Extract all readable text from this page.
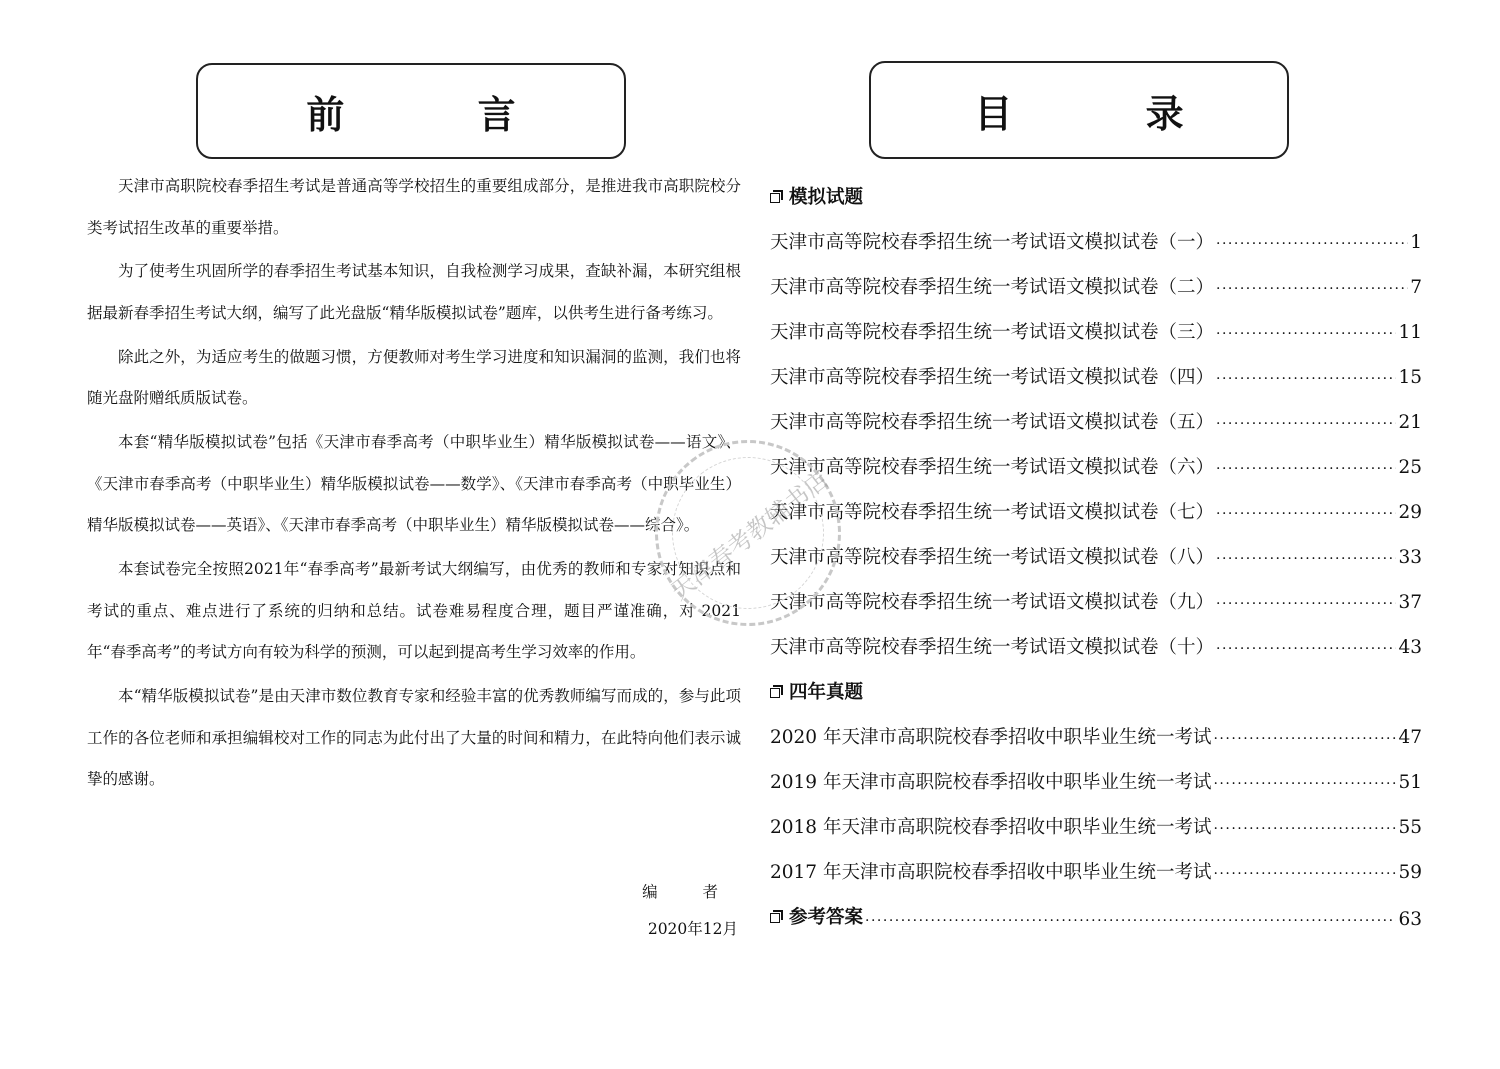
前 言	目 录

天津市高职院校春季招生考试是普通高等学校招生的重要组成部分，是推进我市高职院校分类考试招生改革的重要举措。

为了使考生巩固所学的春季招生考试基本知识，自我检测学习成果，查缺补漏，本研究组根据最新春季招生考试大纲，编写了此光盘版“精华版模拟试卷”题库，以供考生进行备考练习。

除此之外，为适应考生的做题习惯，方便教师对考生学习进度和知识漏洞的监测，我们也将随光盘附赠纸质版试卷。

本套“精华版模拟试卷”包括《天津市春季高考（中职毕业生）精华版模拟试卷——语文》、《天津市春季高考（中职毕业生）精华版模拟试卷——数学》、《天津市春季高考（中职毕业生）精华版模拟试卷——英语》、《天津市春季高考（中职毕业生）精华版模拟试卷——综合》。

本套试卷完全按照2021年“春季高考”最新考试大纲编写，由优秀的教师和专家对知识点和考试的重点、难点进行了系统的归纳和总结。试卷难易程度合理，题目严谨准确，对 2021年“春季高考”的考试方向有较为科学的预测，可以起到提高考生学习效率的作用。

本“精华版模拟试卷”是由天津市数位教育专家和经验丰富的优秀教师编写而成的，参与此项工作的各位老师和承担编辑校对工作的同志为此付出了大量的时间和精力，在此特向他们表示诚挚的感谢。

编 者
2020年12月
模拟试题
天津市高等院校春季招生统一考试语文模拟试卷（一） ·····	1
天津市高等院校春季招生统一考试语文模拟试卷（二） ·····	7
天津市高等院校春季招生统一考试语文模拟试卷（三） ·····	11
天津市高等院校春季招生统一考试语文模拟试卷（四） ·····	15
天津市高等院校春季招生统一考试语文模拟试卷（五） ·····	21
天津市高等院校春季招生统一考试语文模拟试卷（六） ·····	25
天津市高等院校春季招生统一考试语文模拟试卷（七） ·····	29
天津市高等院校春季招生统一考试语文模拟试卷（八） ·····	33
天津市高等院校春季招生统一考试语文模拟试卷（九） ·····	37
天津市高等院校春季招生统一考试语文模拟试卷（十） ·····	43
四年真题
2020 年天津市高职院校春季招收中职毕业生统一考试 ·····	47
2019 年天津市高职院校春季招收中职毕业生统一考试 ·····	51
2018 年天津市高职院校春季招收中职毕业生统一考试 ·····	55
2017 年天津市高职院校春季招收中职毕业生统一考试 ·····	59
参考答案 ·····	63
天津春考教辅书店
